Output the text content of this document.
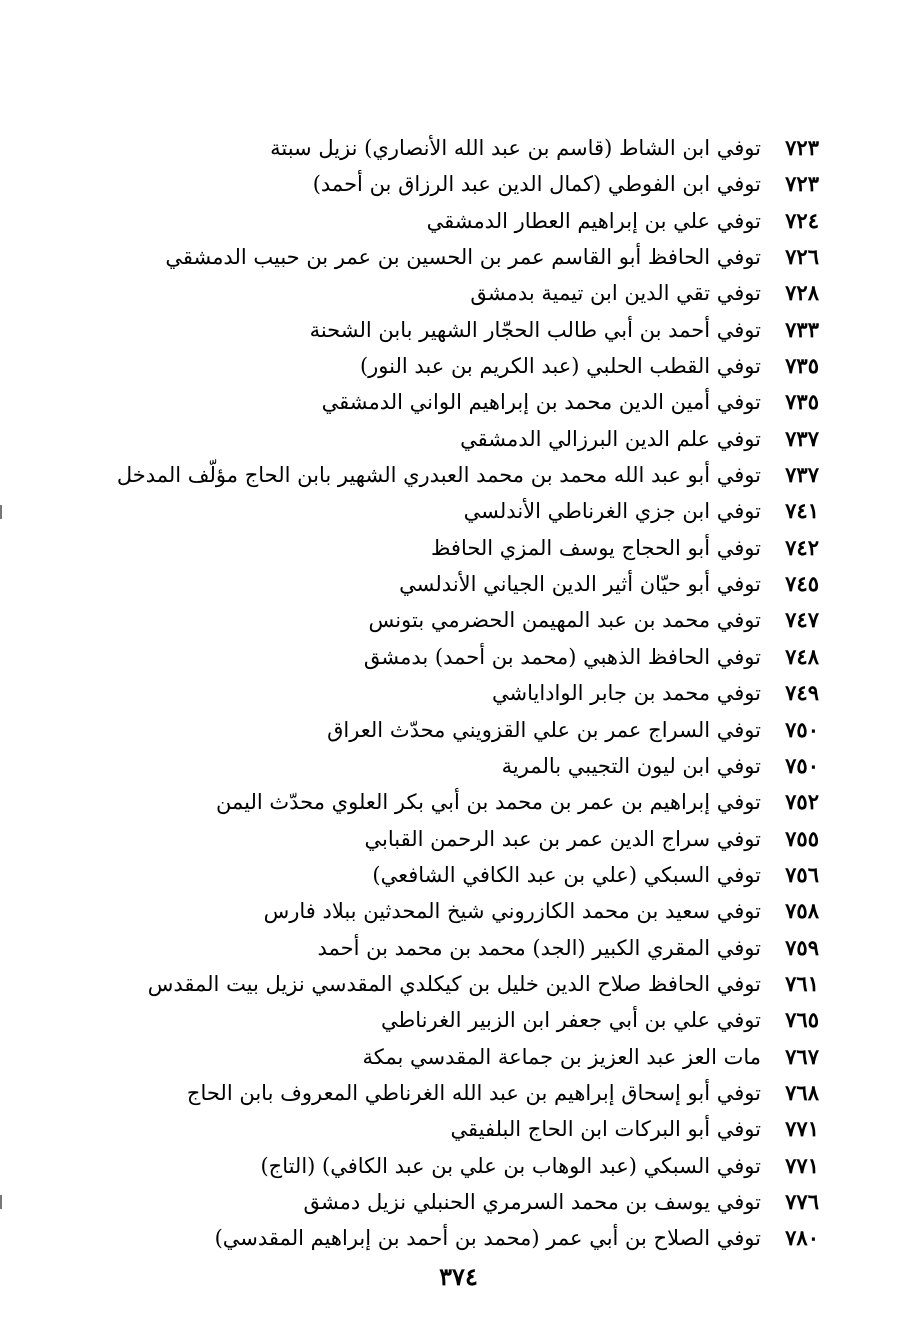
٧٢٣توفي ابن الشاط (قاسم بن عبد الله الأنصاري) نزيل سبتة
٧٢٣توفي ابن الفوطي (كمال الدين عبد الرزاق بن أحمد)
٧٢٤توفي علي بن إبراهيم العطار الدمشقي
٧٢٦توفي الحافظ أبو القاسم عمر بن الحسين بن عمر بن حبيب الدمشقي
٧٢٨توفي تقي الدين ابن تيمية بدمشق
٧٣٣توفي أحمد بن أبي طالب الحجّار الشهير بابن الشحنة
٧٣٥توفي القطب الحلبي (عبد الكريم بن عبد النور)
٧٣٥توفي أمين الدين محمد بن إبراهيم الواني الدمشقي
٧٣٧توفي علم الدين البرزالي الدمشقي
٧٣٧توفي أبو عبد الله محمد بن محمد العبدري الشهير بابن الحاج مؤلّف المدخل
٧٤١توفي ابن جزي الغرناطي الأندلسي
٧٤٢توفي أبو الحجاج يوسف المزي الحافظ
٧٤٥توفي أبو حيّان أثير الدين الجياني الأندلسي
٧٤٧توفي محمد بن عبد المهيمن الحضرمي بتونس
٧٤٨توفي الحافظ الذهبي (محمد بن أحمد) بدمشق
٧٤٩توفي محمد بن جابر الواداياشي
٧٥٠توفي السراج عمر بن علي القزويني محدّث العراق
٧٥٠توفي ابن ليون التجيبي بالمرية
٧٥٢توفي إبراهيم بن عمر بن محمد بن أبي بكر العلوي محدّث اليمن
٧٥٥توفي سراج الدين عمر بن عبد الرحمن القبابي
٧٥٦توفي السبكي (علي بن عبد الكافي الشافعي)
٧٥٨توفي سعيد بن محمد الكازروني شيخ المحدثين ببلاد فارس
٧٥٩توفي المقري الكبير (الجد) محمد بن محمد بن أحمد
٧٦١توفي الحافظ صلاح الدين خليل بن كيكلدي المقدسي نزيل بيت المقدس
٧٦٥توفي علي بن أبي جعفر ابن الزبير الغرناطي
٧٦٧مات العز عبد العزيز بن جماعة المقدسي بمكة
٧٦٨توفي أبو إسحاق إبراهيم بن عبد الله الغرناطي المعروف بابن الحاج
٧٧١توفي أبو البركات ابن الحاج البلفيقي
٧٧١توفي السبكي (عبد الوهاب بن علي بن عبد الكافي) (التاج)
٧٧٦توفي يوسف بن محمد السرمري الحنبلي نزيل دمشق
٧٨٠توفي الصلاح بن أبي عمر (محمد بن أحمد بن إبراهيم المقدسي)
٣٧٤
